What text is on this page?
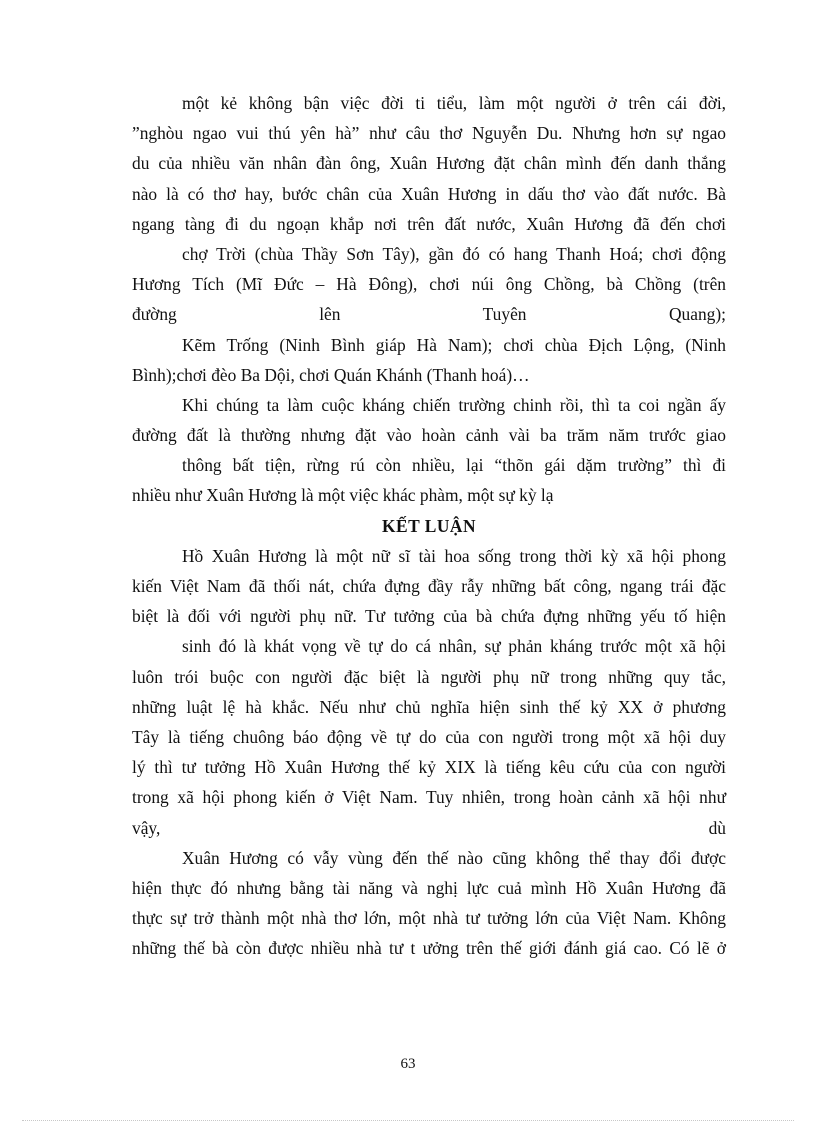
một kẻ không bận việc đời ti tiểu, làm một người ở trên cái đời,
”nghòu ngao vui thú yên hà” như câu thơ Nguyễn Du. Nhưng hơn sự ngao
du của nhiều văn nhân đàn ông, Xuân Hương đặt chân mình đến danh thắng
nào là có thơ hay, bước chân của Xuân Hương in dấu thơ vào đất nước. Bà
ngang tàng đi du ngoạn khắp nơi trên đất nước, Xuân Hương đã đến chơi
chợ Trời (chùa Thầy Sơn Tây), gần đó có hang Thanh Hoá; chơi động
Hương Tích (Mĩ Đức – Hà Đông), chơi núi ông Chồng, bà Chồng (trên
đường lên Tuyên Quang);
Kẽm Trống (Ninh Bình giáp Hà Nam); chơi chùa Địch Lộng, (Ninh
Bình);chơi đèo Ba Dội, chơi Quán Khánh (Thanh hoá)…
Khi chúng ta làm cuộc kháng chiến trường chinh rồi, thì ta coi ngần ấy
đường đất là thường nhưng đặt vào hoàn cảnh vài ba trăm năm trước giao
thông bất tiện, rừng rú còn nhiều, lại “thõn gái dặm trường” thì đi
nhiều như Xuân Hương là một việc khác phàm, một sự kỳ lạ
KẾT LUẬN
Hồ Xuân Hương là một nữ sĩ tài hoa sống trong thời kỳ xã hội phong
kiến Việt Nam đã thối nát, chứa đựng đầy rẫy những bất công, ngang trái đặc
biệt là đối với người phụ nữ. Tư tưởng của bà chứa đựng những yếu tố hiện
sinh đó là khát vọng về tự do cá nhân, sự phản kháng trước một xã hội
luôn trói buộc con người đặc biệt là người phụ nữ trong những quy tắc,
những luật lệ hà khắc. Nếu như chủ nghĩa hiện sinh thế kỷ XX ở phương
Tây là tiếng chuông báo động về tự do của con người trong một xã hội duy
lý thì tư tưởng Hồ Xuân Hương thế kỷ XIX là tiếng kêu cứu của con người
trong xã hội phong kiến ở Việt Nam. Tuy nhiên, trong hoàn cảnh xã hội như
vậy, dù
Xuân Hương có vẫy vùng đến thế nào cũng không thể thay đổi được
hiện thực đó nhưng bằng tài năng và nghị lực cuả mình Hồ Xuân Hương đã
thực sự trở thành một nhà thơ lớn, một nhà tư tưởng lớn của Việt Nam. Không
những thế bà còn được nhiều nhà tư t ưởng trên thế giới đánh giá cao. Có lẽ ở
63
